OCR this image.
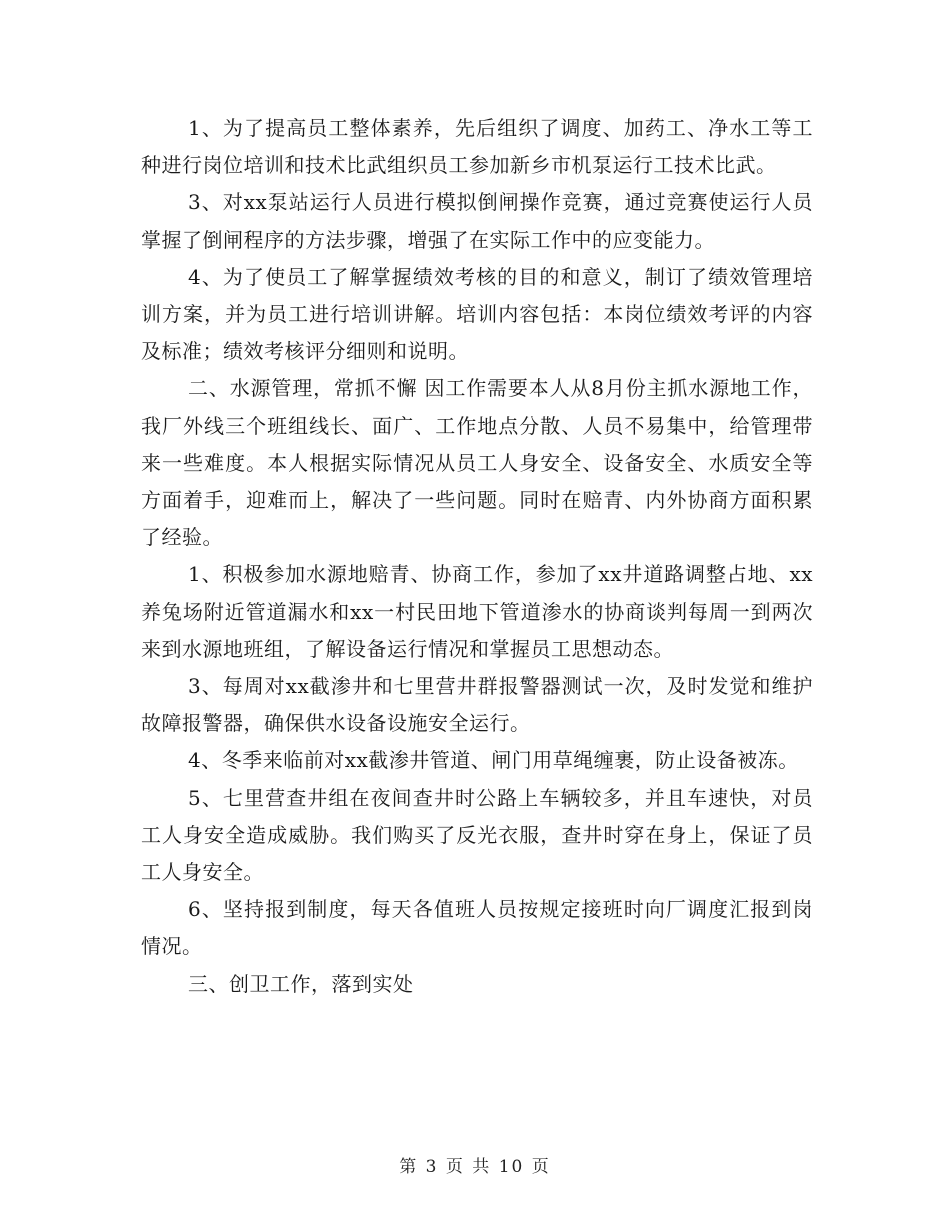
1、为了提高员工整体素养，先后组织了调度、加药工、净水工等工种进行岗位培训和技术比武组织员工参加新乡市机泵运行工技术比武。

3、对xx泵站运行人员进行模拟倒闸操作竞赛，通过竞赛使运行人员掌握了倒闸程序的方法步骤，增强了在实际工作中的应变能力。

4、为了使员工了解掌握绩效考核的目的和意义，制订了绩效管理培训方案，并为员工进行培训讲解。培训内容包括：本岗位绩效考评的内容及标准；绩效考核评分细则和说明。

二、水源管理，常抓不懈 因工作需要本人从8月份主抓水源地工作，我厂外线三个班组线长、面广、工作地点分散、人员不易集中，给管理带来一些难度。本人根据实际情况从员工人身安全、设备安全、水质安全等方面着手，迎难而上，解决了一些问题。同时在赔青、内外协商方面积累了经验。

1、积极参加水源地赔青、协商工作，参加了xx井道路调整占地、xx养兔场附近管道漏水和xx一村民田地下管道渗水的协商谈判每周一到两次来到水源地班组，了解设备运行情况和掌握员工思想动态。

3、每周对xx截渗井和七里营井群报警器测试一次，及时发觉和维护故障报警器，确保供水设备设施安全运行。

4、冬季来临前对xx截渗井管道、闸门用草绳缠裹，防止设备被冻。

5、七里营查井组在夜间查井时公路上车辆较多，并且车速快，对员工人身安全造成威胁。我们购买了反光衣服，查井时穿在身上，保证了员工人身安全。

6、坚持报到制度，每天各值班人员按规定接班时向厂调度汇报到岗情况。

三、创卫工作，落到实处

第 3 页 共 10 页
